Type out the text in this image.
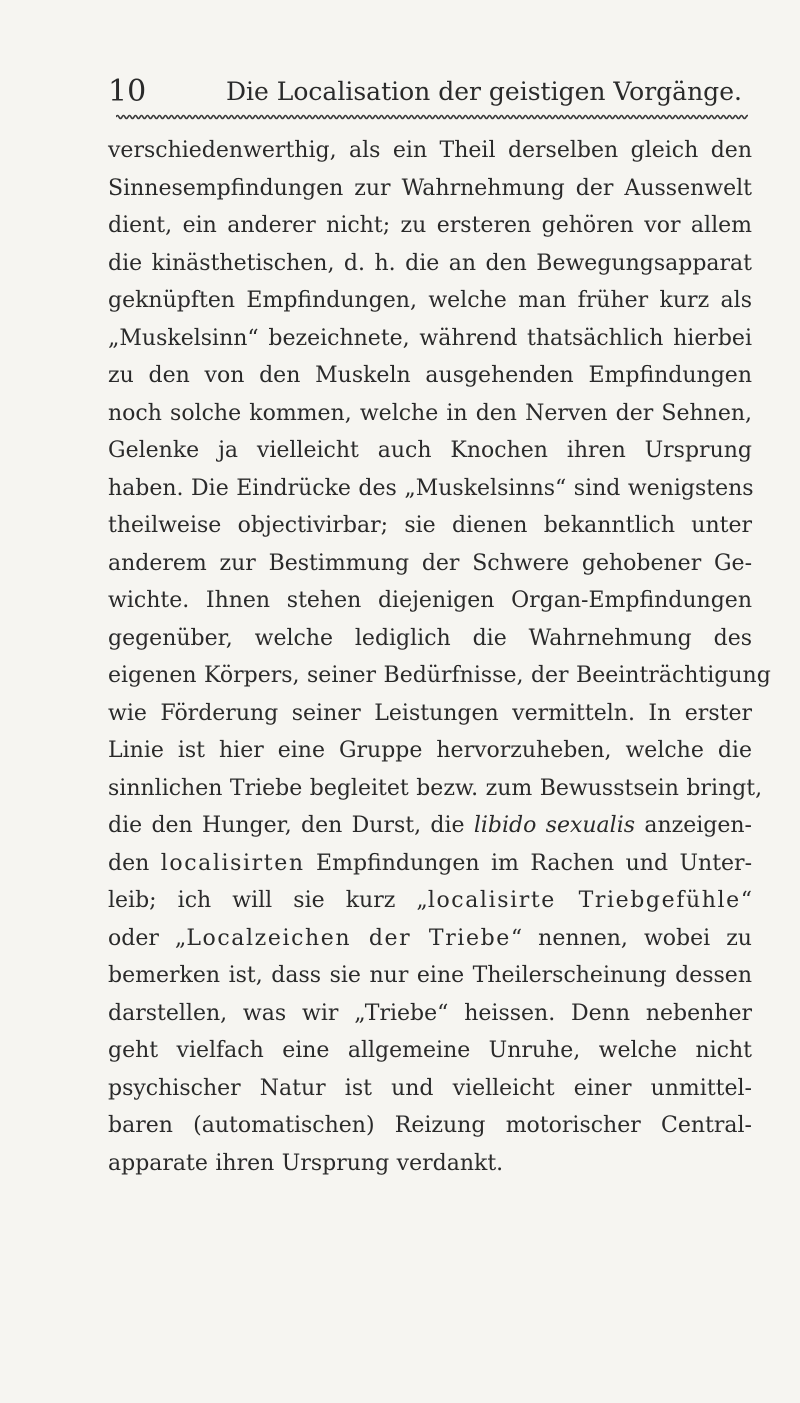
10	Die Localisation der geistigen Vorgänge.
verschiedenwerthig, als ein Theil derselben gleich den
Sinnesempfindungen zur Wahrnehmung der Aussenwelt
dient, ein anderer nicht; zu ersteren gehören vor allem
die kinästhetischen, d. h. die an den Bewegungsapparat
geknüpften Empfindungen, welche man früher kurz als
„Muskelsinn“ bezeichnete, während thatsächlich hierbei
zu den von den Muskeln ausgehenden Empfindungen
noch solche kommen, welche in den Nerven der Sehnen,
Gelenke ja vielleicht auch Knochen ihren Ursprung
haben. Die Eindrücke des „Muskelsinns“ sind wenigstens
theilweise objectivirbar; sie dienen bekanntlich unter
anderem zur Bestimmung der Schwere gehobener Ge-
wichte. Ihnen stehen diejenigen Organ-Empfindungen
gegenüber, welche lediglich die Wahrnehmung des
eigenen Körpers, seiner Bedürfnisse, der Beeinträchtigung
wie Förderung seiner Leistungen vermitteln. In erster
Linie ist hier eine Gruppe hervorzuheben, welche die
sinnlichen Triebe begleitet bezw. zum Bewusstsein bringt,
die den Hunger, den Durst, die libido sexualis anzeigen-
den localisirten Empfindungen im Rachen und Unter-
leib; ich will sie kurz „localisirte Triebgefühle“
oder „Localzeichen der Triebe“ nennen, wobei zu
bemerken ist, dass sie nur eine Theilerscheinung dessen
darstellen, was wir „Triebe“ heissen. Denn nebenher
geht vielfach eine allgemeine Unruhe, welche nicht
psychischer Natur ist und vielleicht einer unmittel-
baren (automatischen) Reizung motorischer Central-
apparate ihren Ursprung verdankt.
